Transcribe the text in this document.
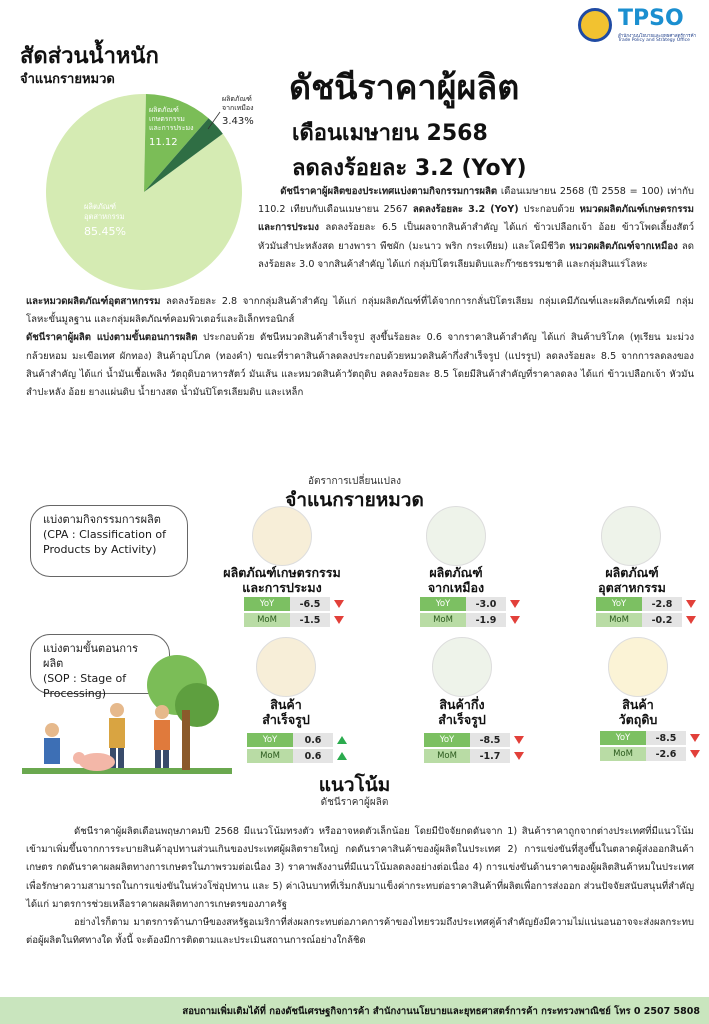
TPSO
สำนักงานนโยบายและยุทธศาสตร์การค้า
Trade Policy and Strategy Office
สัดส่วนน้ำหนัก
จำแนกรายหมวด
ผลิตภัณฑ์
เกษตรกรรม
และการประมง
11.12
ผลิตภัณฑ์
จากเหมือง
3.43%
ผลิตภัณฑ์
อุตสาหกรรม
85.45%
ดัชนีราคาผู้ผลิต
เดือนเมษายน 2568
ลดลงร้อยละ 3.2 (YoY)
ดัชนีราคาผู้ผลิตของประเทศแบ่งตามกิจกรรมการผลิต เดือนเมษายน 2568 (ปี 2558 = 100) เท่ากับ 110.2 เทียบกับเดือนเมษายน 2567 ลดลงร้อยละ 3.2 (YoY) ประกอบด้วย หมวดผลิตภัณฑ์เกษตรกรรมและการประมง ลดลงร้อยละ 6.5 เป็นผลจากสินค้าสำคัญ ได้แก่ ข้าวเปลือกเจ้า อ้อย ข้าวโพดเลี้ยงสัตว์ หัวมันสำปะหลังสด ยางพารา พืชผัก (มะนาว พริก กระเทียม) และโคมีชีวิต หมวดผลิตภัณฑ์จากเหมือง ลดลงร้อยละ 3.0 จากสินค้าสำคัญ ได้แก่ กลุ่มปิโตรเลียมดิบและก๊าซธรรมชาติ และกลุ่มสินแร่โลหะ
และหมวดผลิตภัณฑ์อุตสาหกรรม ลดลงร้อยละ 2.8 จากกลุ่มสินค้าสำคัญ ได้แก่ กลุ่มผลิตภัณฑ์ที่ได้จากการกลั่นปิโตรเลียม กลุ่มเคมีภัณฑ์และผลิตภัณฑ์เคมี กลุ่มโลหะขั้นมูลฐาน และกลุ่มผลิตภัณฑ์คอมพิวเตอร์และอิเล็กทรอนิกส์
ดัชนีราคาผู้ผลิต แบ่งตามขั้นตอนการผลิต ประกอบด้วย ดัชนีหมวดสินค้าสำเร็จรูป สูงขึ้นร้อยละ 0.6 จากราคาสินค้าสำคัญ ได้แก่ สินค้าบริโภค (ทุเรียน มะม่วง กล้วยหอม มะเขือเทศ ผักทอง) สินค้าอุปโภค (ทองคำ) ขณะที่ราคาสินค้าลดลงประกอบด้วยหมวดสินค้ากึ่งสำเร็จรูป (แปรรูป) ลดลงร้อยละ 8.5 จากการลดลงของสินค้าสำคัญ ได้แก่ น้ำมันเชื้อเพลิง วัตถุดิบอาหารสัตว์ มันเส้น และหมวดสินค้าวัตถุดิบ ลดลงร้อยละ 8.5 โดยมีสินค้าสำคัญที่ราคาลดลง ได้แก่ ข้าวเปลือกเจ้า หัวมันสำปะหลัง อ้อย ยางแผ่นดิบ น้ำยางสด น้ำมันปิโตรเลียมดิบ และเหล็ก
อัตราการเปลี่ยนแปลง
จำแนกรายหมวด
แบ่งตามกิจกรรมการผลิต
(CPA : Classification of
Products by Activity)
แบ่งตามขั้นตอนการผลิต
(SOP : Stage of
Processing)
ผลิตภัณฑ์เกษตรกรรม
และการประมง
YoY	-6.5
MoM	-1.5
ผลิตภัณฑ์
จากเหมือง
YoY	-3.0
MoM	-1.9
ผลิตภัณฑ์
อุตสาหกรรม
YoY	-2.8
MoM	-0.2
สินค้า
สำเร็จรูป
YoY	0.6
MoM	0.6
สินค้ากึ่ง
สำเร็จรูป
YoY	-8.5
MoM	-1.7
สินค้า
วัตถุดิบ
YoY	-8.5
MoM	-2.6
แนวโน้ม
ดัชนีราคาผู้ผลิต
ดัชนีราคาผู้ผลิตเดือนพฤษภาคมปี 2568 มีแนวโน้มทรงตัว หรืออาจหดตัวเล็กน้อย โดยมีปัจจัยกดดันจาก 1) สินค้าราคาถูกจากต่างประเทศที่มีแนวโน้มเข้ามาเพิ่มขึ้นจากการระบายสินค้าอุปทานส่วนเกินของประเทศผู้ผลิตรายใหญ่ กดดันราคาสินค้าของผู้ผลิตในประเทศ 2) การแข่งขันที่สูงขึ้นในตลาดผู้ส่งออกสินค้าเกษตร กดดันราคาผลผลิตทางการเกษตรในภาพรวมต่อเนื่อง 3) ราคาพลังงานที่มีแนวโน้มลดลงอย่างต่อเนื่อง 4) การแข่งขันด้านราคาของผู้ผลิตสินค้าหมในประเทศ เพื่อรักษาความสามารถในการแข่งขันในห่วงโซ่อุปทาน และ 5) ค่าเงินบาทที่เริ่มกลับมาแข็งค่ากระทบต่อราคาสินค้าที่ผลิตเพื่อการส่งออก ส่วนปัจจัยสนับสนุนที่สำคัญ ได้แก่ มาตรการช่วยเหลือราคาผลผลิตทางการเกษตรของภาครัฐ
อย่างไรก็ตาม มาตรการด้านภาษีของสหรัฐอเมริกาที่ส่งผลกระทบต่อภาคการค้าของไทยรวมถึงประเทศคู่ค้าสำคัญยังมีความไม่แน่นอนอาจจะส่งผลกระทบต่อผู้ผลิตในทิศทางใด ทั้งนี้ จะต้องมีการติดตามและประเมินสถานการณ์อย่างใกล้ชิด
สอบถามเพิ่มเติมได้ที่ กองดัชนีเศรษฐกิจการค้า สำนักงานนโยบายและยุทธศาสตร์การค้า กระทรวงพาณิชย์ โทร 0 2507 5808
